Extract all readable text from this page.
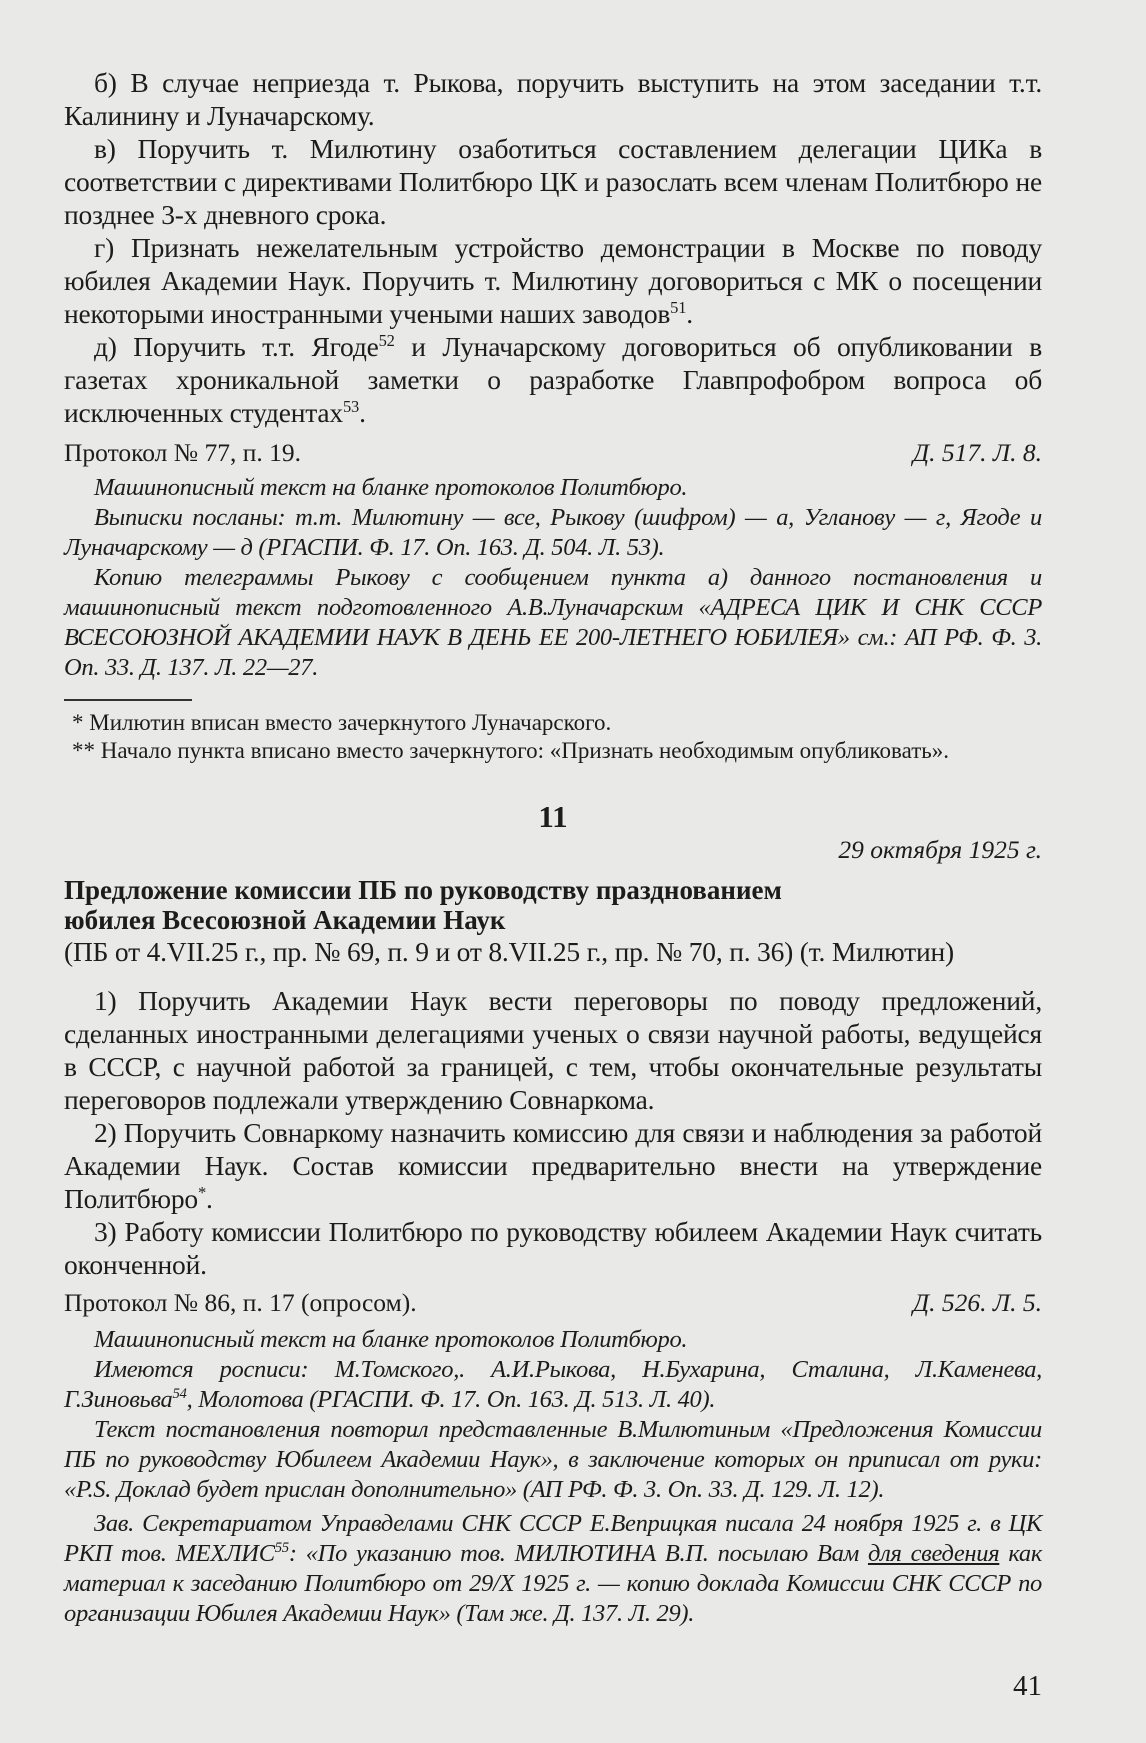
б) В случае неприезда т. Рыкова, поручить выступить на этом заседании т.т. Калинину и Луначарскому.

в) Поручить т. Милютину озаботиться составлением делегации ЦИКа в соответствии с директивами Политбюро ЦК и разослать всем членам Политбюро не позднее 3-х дневного срока.

г) Признать нежелательным устройство демонстрации в Москве по поводу юбилея Академии Наук. Поручить т. Милютину договориться с МК о посещении некоторыми иностранными учеными наших заводов$^{51}$.

д) Поручить т.т. Ягоде$^{52}$ и Луначарскому договориться об опубликовании в газетах хроникальной заметки о разработке Главпрофобром вопроса об исключенных студентах$^{53}$.

Протокол № 77, п. 19.	Д. 517. Л. 8.

Машинописный текст на бланке протоколов Политбюро.

Выписки посланы: т.т. Милютину — все, Рыкову (шифром) — а, Угланову — г, Ягоде и Луначарскому — д (РГАСПИ. Ф. 17. Оп. 163. Д. 504. Л. 53).

Копию телеграммы Рыкову с сообщением пункта а) данного постановления и машинописный текст подготовленного А.В.Луначарским «АДРЕСА ЦИК И СНК СССР ВСЕСОЮЗНОЙ АКАДЕМИИ НАУК В ДЕНЬ ЕЕ 200-ЛЕТНЕГО ЮБИЛЕЯ» см.: АП РФ. Ф. 3. Оп. 33. Д. 137. Л. 22—27.

* Милютин вписан вместо зачеркнутого Луначарского.

** Начало пункта вписано вместо зачеркнутого: «Признать необходимым опубликовать».

11
29 октября 1925 г.
Предложение комиссии ПБ по руководству празднованием
юбилея Всесоюзной Академии Наук

(ПБ от 4.VII.25 г., пр. № 69, п. 9 и от 8.VII.25 г., пр. № 70, п. 36) (т. Милютин)

1) Поручить Академии Наук вести переговоры по поводу предложений, сделанных иностранными делегациями ученых о связи научной работы, ведущейся в СССР, с научной работой за границей, с тем, чтобы окончательные результаты переговоров подлежали утверждению Совнаркома.

2) Поручить Совнаркому назначить комиссию для связи и наблюдения за работой Академии Наук. Состав комиссии предварительно внести на утверждение Политбюро*.

3) Работу комиссии Политбюро по руководству юбилеем Академии Наук считать оконченной.

Протокол № 86, п. 17 (опросом).	Д. 526. Л. 5.

Машинописный текст на бланке протоколов Политбюро.

Имеются росписи: М.Томского,. А.И.Рыкова, Н.Бухарина, Сталина, Л.Каменева, Г.Зиновьва$^{54}$, Молотова (РГАСПИ. Ф. 17. Оп. 163. Д. 513. Л. 40).

Текст постановления повторил представленные В.Милютиным «Предложения Комиссии ПБ по руководству Юбилеем Академии Наук», в заключение которых он приписал от руки: «P.S. Доклад будет прислан дополнительно» (АП РФ. Ф. 3. Оп. 33. Д. 129. Л. 12).

Зав. Секретариатом Управделами СНК СССР Е.Веприцкая писала 24 ноября 1925 г. в ЦК РКП тов. МЕХЛИС$^{55}$: «По указанию тов. МИЛЮТИНА В.П. посылаю Вам для сведения как материал к заседанию Политбюро от 29/X 1925 г. — копию доклада Комиссии СНК СССР по организации Юбилея Академии Наук» (Там же. Д. 137. Л. 29).

41
